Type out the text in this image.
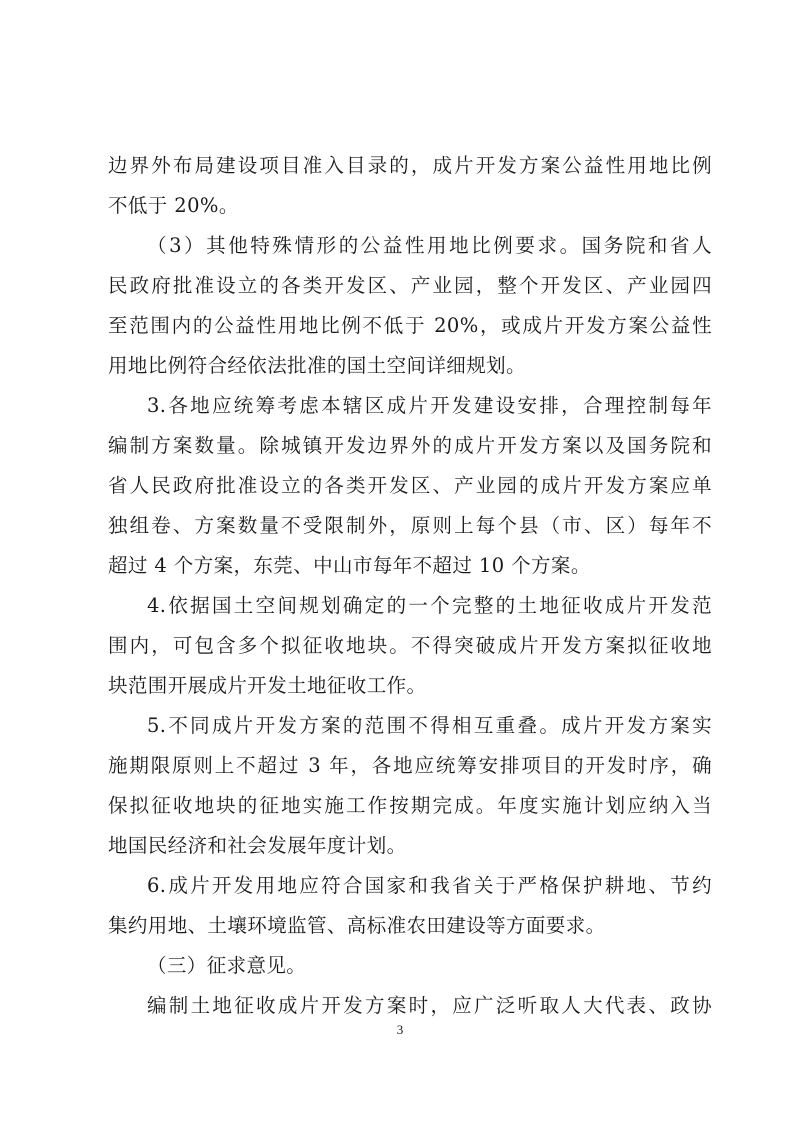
边界外布局建设项目准入目录的，成片开发方案公益性用地比例
不低于 20%。
（3）其他特殊情形的公益性用地比例要求。国务院和省人
民政府批准设立的各类开发区、产业园，整个开发区、产业园四
至范围内的公益性用地比例不低于 20%，或成片开发方案公益性
用地比例符合经依法批准的国土空间详细规划。
3.各地应统筹考虑本辖区成片开发建设安排，合理控制每年
编制方案数量。除城镇开发边界外的成片开发方案以及国务院和
省人民政府批准设立的各类开发区、产业园的成片开发方案应单
独组卷、方案数量不受限制外，原则上每个县（市、区）每年不
超过 4 个方案，东莞、中山市每年不超过 10 个方案。
4.依据国土空间规划确定的一个完整的土地征收成片开发范
围内，可包含多个拟征收地块。不得突破成片开发方案拟征收地
块范围开展成片开发土地征收工作。
5.不同成片开发方案的范围不得相互重叠。成片开发方案实
施期限原则上不超过 3 年，各地应统筹安排项目的开发时序，确
保拟征收地块的征地实施工作按期完成。年度实施计划应纳入当
地国民经济和社会发展年度计划。
6.成片开发用地应符合国家和我省关于严格保护耕地、节约
集约用地、土壤环境监管、高标准农田建设等方面要求。
（三）征求意见。
编制土地征收成片开发方案时，应广泛听取人大代表、政协
3
